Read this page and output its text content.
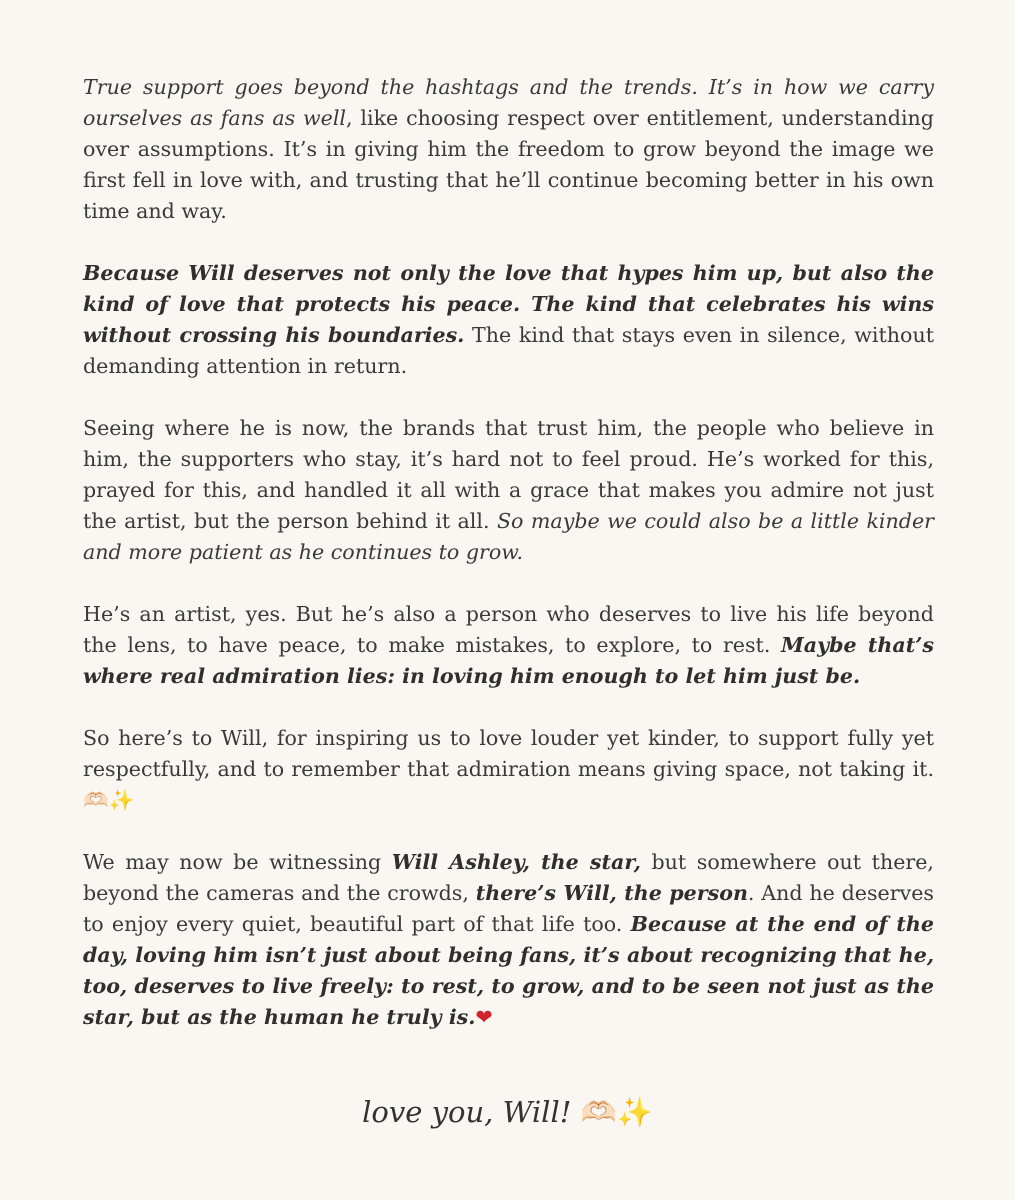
True support goes beyond the hashtags and the trends. It’s in how we carry ourselves as fans as well, like choosing respect over entitlement, understanding over assumptions. It’s in giving him the freedom to grow beyond the image we first fell in love with, and trusting that he’ll continue becoming better in his own time and way.

Because Will deserves not only the love that hypes him up, but also the kind of love that protects his peace. The kind that celebrates his wins without crossing his boundaries. The kind that stays even in silence, without demanding attention in return.

Seeing where he is now, the brands that trust him, the people who believe in him, the supporters who stay, it’s hard not to feel proud. He’s worked for this, prayed for this, and handled it all with a grace that makes you admire not just the artist, but the person behind it all. So maybe we could also be a little kinder and more patient as he continues to grow.

He’s an artist, yes. But he’s also a person who deserves to live his life beyond the lens, to have peace, to make mistakes, to explore, to rest. Maybe that’s where real admiration lies: in loving him enough to let him just be.

So here’s to Will, for inspiring us to love louder yet kinder, to support fully yet respectfully, and to remember that admiration means giving space, not taking it. 🫶🏻✨

We may now be witnessing Will Ashley, the star, but somewhere out there, beyond the cameras and the crowds, there’s Will, the person. And he deserves to enjoy every quiet, beautiful part of that life too. Because at the end of the day, loving him isn’t just about being fans, it’s about recognizing that he, too, deserves to live freely: to rest, to grow, and to be seen not just as the star, but as the human he truly is.❤

love you, Will! 🫶🏻✨
